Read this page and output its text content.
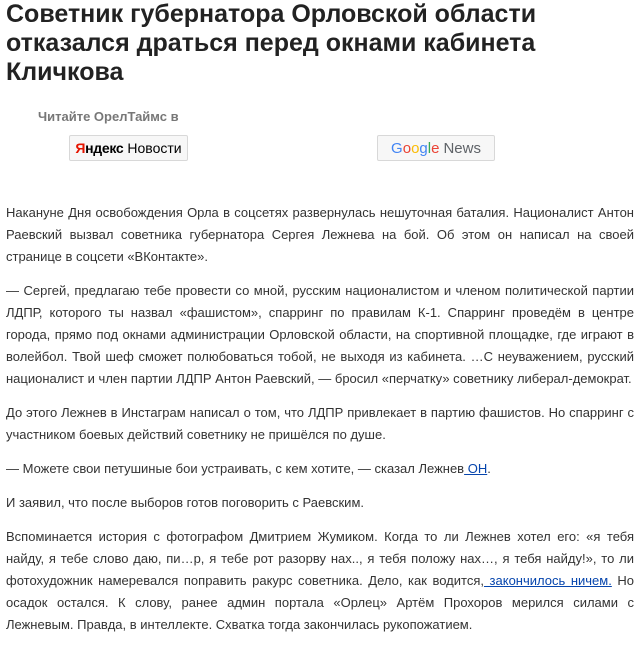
Советник губернатора Орловской области отказался драться перед окнами кабинета Кличкова
Читайте ОрелТаймс в
Яндекс Новости	Google News

Накануне Дня освобождения Орла в соцсетях развернулась нешуточная баталия. Националист Антон Раевский вызвал советника губернатора Сергея Лежнева на бой. Об этом он написал на своей странице в соцсети «ВКонтакте».

— Сергей, предлагаю тебе провести со мной, русским националистом и членом политической партии ЛДПР, которого ты назвал «фашистом», спарринг по правилам К-1. Спарринг проведём в центре города, прямо под окнами администрации Орловской области, на спортивной площадке, где играют в волейбол. Твой шеф сможет полюбоваться тобой, не выходя из кабинета. …С неуважением, русский националист и член партии ЛДПР Антон Раевский, — бросил «перчатку» советнику либерал-демократ.

До этого Лежнев в Инстаграм написал о том, что ЛДПР привлекает в партию фашистов. Но спарринг с участником боевых действий советнику не пришёлся по душе.

— Можете свои петушиные бои устраивать, с кем хотите, — сказал Лежнев ОН.

И заявил, что после выборов готов поговорить с Раевским.

Вспоминается история с фотографом Дмитрием Жумиком. Когда то ли Лежнев хотел его: «я тебя найду, я тебе слово даю, пи…р, я тебе рот разорву нах.., я тебя положу нах…, я тебя найду!», то ли фотохудожник намеревался поправить ракурс советника. Дело, как водится, закончилось ничем. Но осадок остался. К слову, ранее админ портала «Орлец» Артём Прохоров мерился силами с Лежневым. Правда, в интеллекте. Схватка тогда закончилась рукопожатием.
